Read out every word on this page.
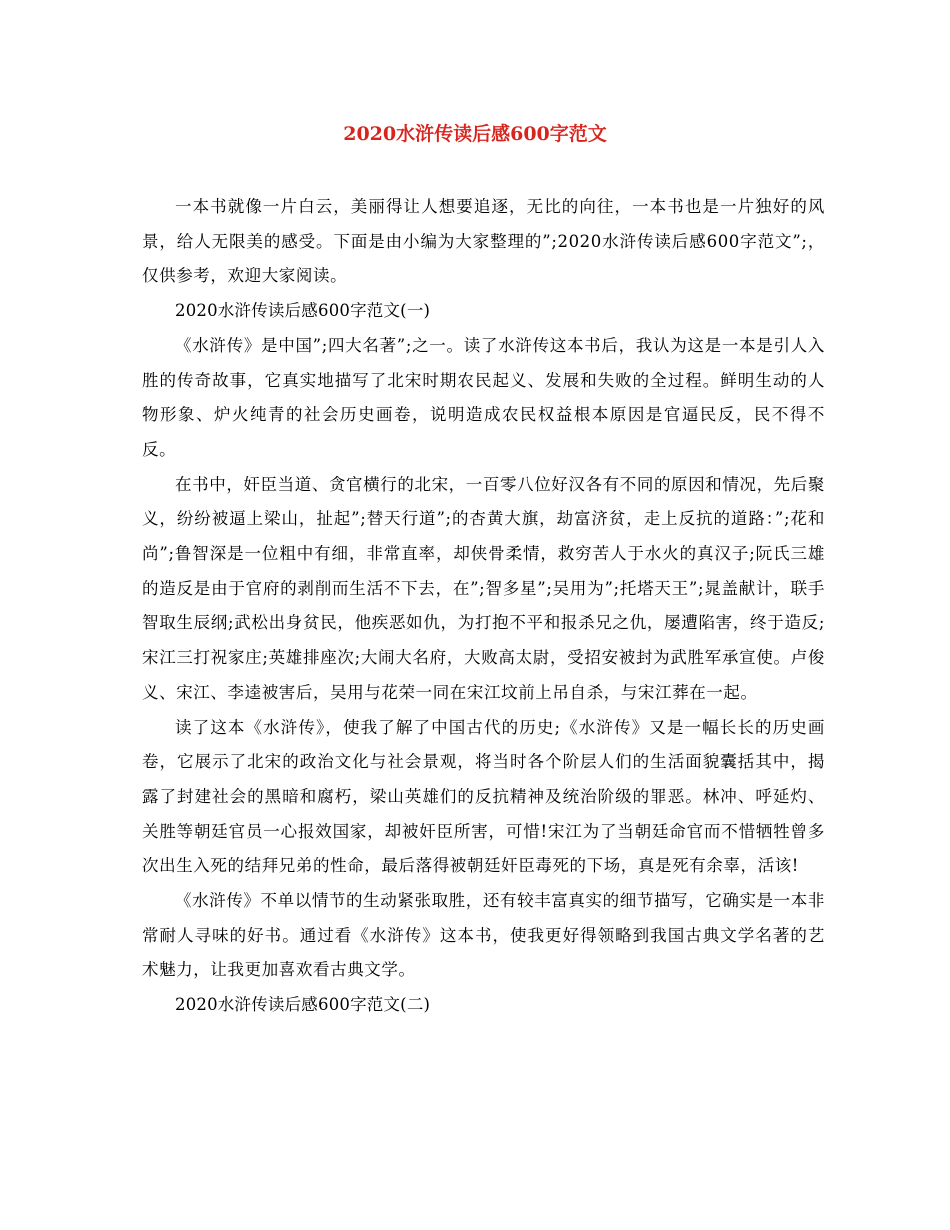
2020水浒传读后感600字范文

一本书就像一片白云，美丽得让人想要追逐，无比的向往，一本书也是一片独好的风景，给人无限美的感受。下面是由小编为大家整理的”;2020水浒传读后感600字范文”;，仅供参考，欢迎大家阅读。

2020水浒传读后感600字范文(一)

《水浒传》是中国”;四大名著”;之一。读了水浒传这本书后，我认为这是一本是引人入胜的传奇故事，它真实地描写了北宋时期农民起义、发展和失败的全过程。鲜明生动的人物形象、炉火纯青的社会历史画卷，说明造成农民权益根本原因是官逼民反，民不得不反。

在书中，奸臣当道、贪官横行的北宋，一百零八位好汉各有不同的原因和情况，先后聚义，纷纷被逼上梁山，扯起”;替天行道”;的杏黄大旗，劫富济贫，走上反抗的道路：”;花和尚”;鲁智深是一位粗中有细，非常直率，却侠骨柔情，救穷苦人于水火的真汉子;阮氏三雄的造反是由于官府的剥削而生活不下去，在”;智多星”;吴用为”;托塔天王”;晁盖献计，联手智取生辰纲;武松出身贫民，他疾恶如仇，为打抱不平和报杀兄之仇，屡遭陷害，终于造反;宋江三打祝家庄;英雄排座次;大闹大名府，大败高太尉，受招安被封为武胜军承宣使。卢俊义、宋江、李逵被害后，吴用与花荣一同在宋江坟前上吊自杀，与宋江葬在一起。

读了这本《水浒传》，使我了解了中国古代的历史;《水浒传》又是一幅长长的历史画卷，它展示了北宋的政治文化与社会景观，将当时各个阶层人们的生活面貌囊括其中，揭露了封建社会的黑暗和腐朽，梁山英雄们的反抗精神及统治阶级的罪恶。林冲、呼延灼、关胜等朝廷官员一心报效国家，却被奸臣所害，可惜!宋江为了当朝廷命官而不惜牺牲曾多次出生入死的结拜兄弟的性命，最后落得被朝廷奸臣毒死的下场，真是死有余辜，活该!

《水浒传》不单以情节的生动紧张取胜，还有较丰富真实的细节描写，它确实是一本非常耐人寻味的好书。通过看《水浒传》这本书，使我更好得领略到我国古典文学名著的艺术魅力，让我更加喜欢看古典文学。

2020水浒传读后感600字范文(二)
